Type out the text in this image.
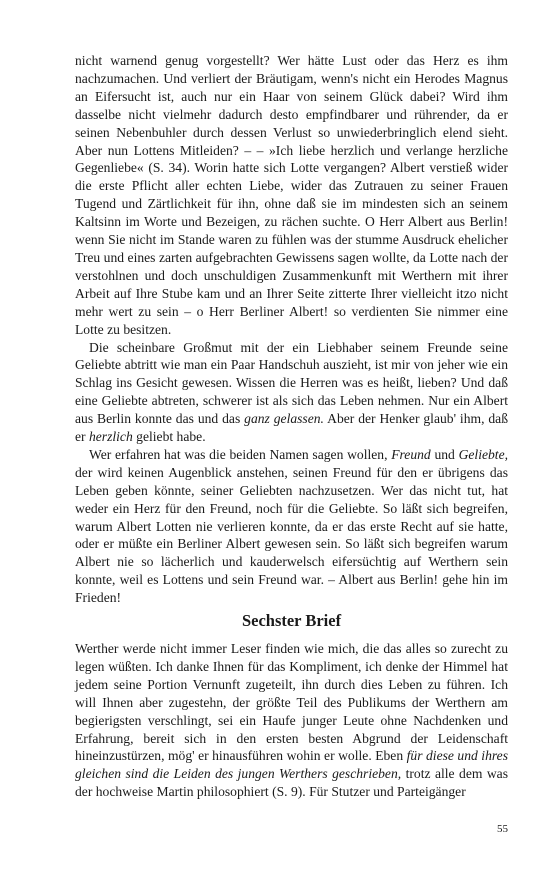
nicht warnend genug vorgestellt? Wer hätte Lust oder das Herz es ihm nachzumachen. Und verliert der Bräutigam, wenn's nicht ein Herodes Magnus an Eifersucht ist, auch nur ein Haar von seinem Glück dabei? Wird ihm dasselbe nicht vielmehr dadurch desto empfindbarer und rührender, da er seinen Nebenbuhler durch dessen Verlust so unwiederbringlich elend sieht. Aber nun Lottens Mitleiden? – – »Ich liebe herzlich und verlange herzliche Gegenliebe« (S. 34). Worin hatte sich Lotte vergangen? Albert verstieß wider die erste Pflicht aller echten Liebe, wider das Zutrauen zu seiner Frauen Tugend und Zärtlichkeit für ihn, ohne daß sie im mindesten sich an seinem Kaltsinn im Worte und Bezeigen, zu rächen suchte. O Herr Albert aus Berlin! wenn Sie nicht im Stande waren zu fühlen was der stumme Ausdruck ehelicher Treu und eines zarten aufgebrachten Gewissens sagen wollte, da Lotte nach der verstohlnen und doch unschuldigen Zusammenkunft mit Werthern mit ihrer Arbeit auf Ihre Stube kam und an Ihrer Seite zitterte Ihrer vielleicht itzo nicht mehr wert zu sein – o Herr Berliner Albert! so verdienten Sie nimmer eine Lotte zu besitzen.

Die scheinbare Großmut mit der ein Liebhaber seinem Freunde seine Geliebte abtritt wie man ein Paar Handschuh auszieht, ist mir von jeher wie ein Schlag ins Gesicht gewesen. Wissen die Herren was es heißt, lieben? Und daß eine Geliebte abtreten, schwerer ist als sich das Leben nehmen. Nur ein Albert aus Berlin konnte das und das ganz gelassen. Aber der Henker glaub' ihm, daß er herzlich geliebt habe.

Wer erfahren hat was die beiden Namen sagen wollen, Freund und Geliebte, der wird keinen Augenblick anstehen, seinen Freund für den er übrigens das Leben geben könnte, seiner Geliebten nachzusetzen. Wer das nicht tut, hat weder ein Herz für den Freund, noch für die Geliebte. So läßt sich begreifen, warum Albert Lotten nie verlieren konnte, da er das erste Recht auf sie hatte, oder er müßte ein Berliner Albert gewesen sein. So läßt sich begreifen warum Albert nie so lächerlich und kauderwelsch eifersüchtig auf Werthern sein konnte, weil es Lottens und sein Freund war. – Albert aus Berlin! gehe hin im Frieden!

Sechster Brief

Werther werde nicht immer Leser finden wie mich, die das alles so zurecht zu legen wüßten. Ich danke Ihnen für das Kompliment, ich denke der Himmel hat jedem seine Portion Vernunft zugeteilt, ihn durch dies Leben zu führen. Ich will Ihnen aber zugestehn, der größte Teil des Publikums der Werthern am begierigsten verschlingt, sei ein Haufe junger Leute ohne Nachdenken und Erfahrung, bereit sich in den ersten besten Abgrund der Leidenschaft hineinzustürzen, mög' er hinausführen wohin er wolle. Eben für diese und ihres gleichen sind die Leiden des jungen Werthers geschrieben, trotz alle dem was der hochweise Martin philosophiert (S. 9). Für Stutzer und Parteigänger

55
